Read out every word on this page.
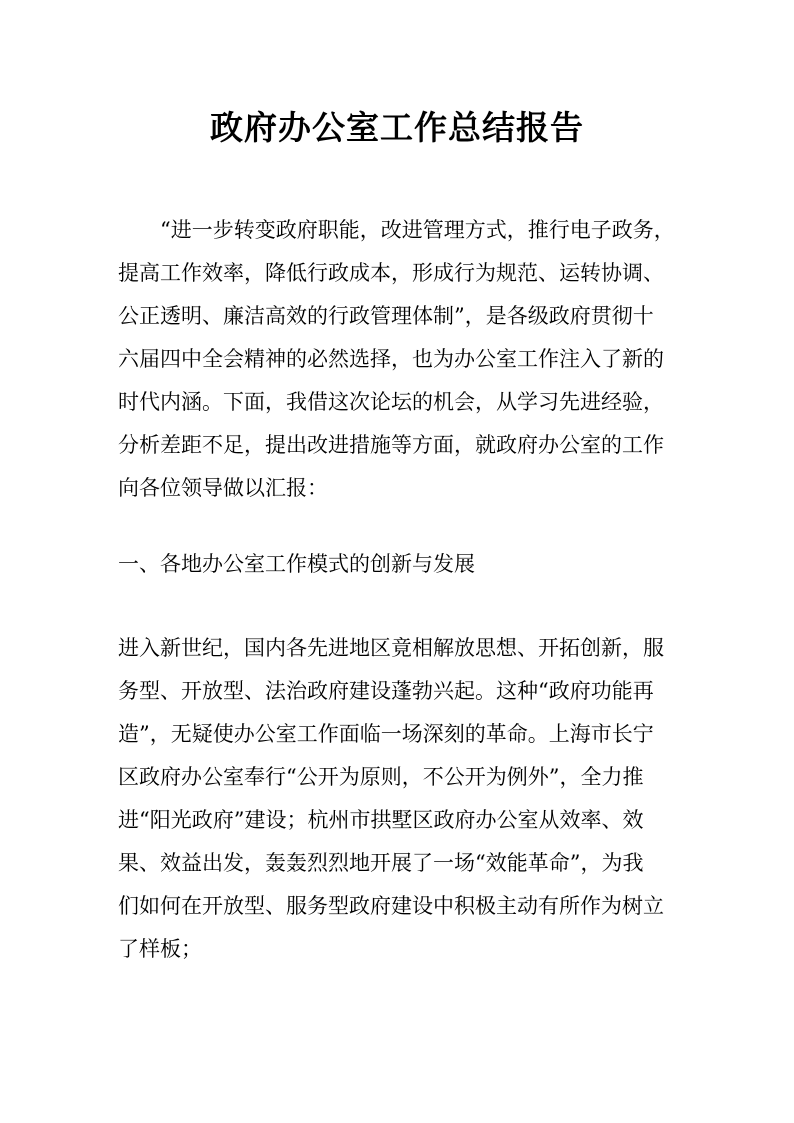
政府办公室工作总结报告

“进一步转变政府职能，改进管理方式，推行电子政务，

提高工作效率，降低行政成本，形成行为规范、运转协调、

公正透明、廉洁高效的行政管理体制”，是各级政府贯彻十

六届四中全会精神的必然选择，也为办公室工作注入了新的

时代内涵。下面，我借这次论坛的机会，从学习先进经验，

分析差距不足，提出改进措施等方面，就政府办公室的工作

向各位领导做以汇报：

一、各地办公室工作模式的创新与发展

进入新世纪，国内各先进地区竟相解放思想、开拓创新，服

务型、开放型、法治政府建设蓬勃兴起。这种“政府功能再

造”，无疑使办公室工作面临一场深刻的革命。上海市长宁

区政府办公室奉行“公开为原则，不公开为例外”，全力推

进“阳光政府”建设；杭州市拱墅区政府办公室从效率、效

果、效益出发，轰轰烈烈地开展了一场“效能革命”，为我

们如何在开放型、服务型政府建设中积极主动有所作为树立

了样板；
